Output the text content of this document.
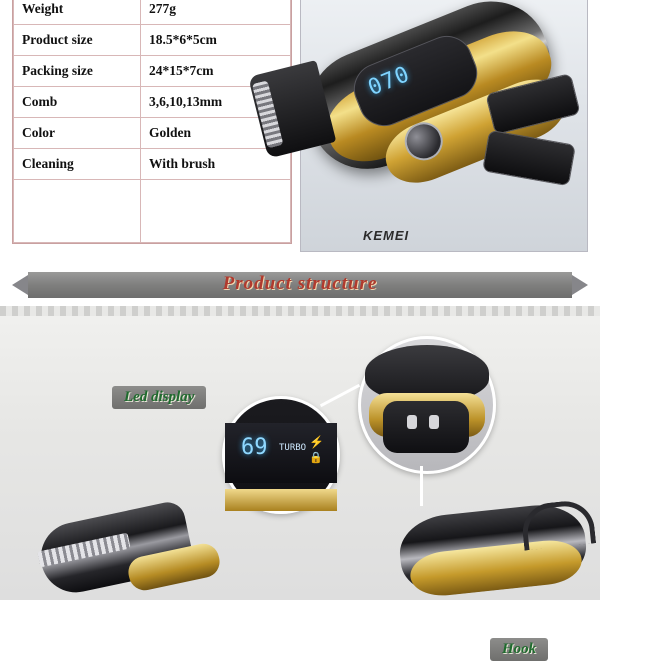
Weight	277g
Product size	18.5*6*5cm
Packing size	24*15*7cm
Comb	3,6,10,13mm
Color	Golden
Cleaning	With brush

070
KEMEI
Product structure
Hook
69 TURBO ⚡
🔒
Led display
